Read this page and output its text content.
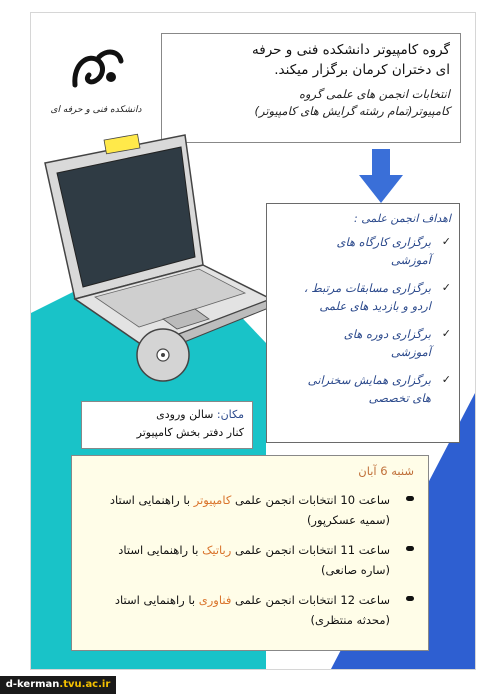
دانشکده فنی و حرفه ای
گروه کامپیوتر دانشکده فنی و حرفه
ای دختران کرمان برگزار میکند.
انتخابات انجمن های علمی گروه
کامپیوتر(تمام رشته گرایش های کامپیوتر)
اهداف انجمن علمی :
✓
برگزاری کارگاه های
آموزشی
✓
برگزاری مسابقات مرتبط ،
اردو و بازدید های علمی
✓
برگزاری دوره های
آموزشی
✓
برگزاری همایش سخنرانی
های تخصصی
مکان: سالن ورودی
کنار دفتر بخش کامپیوتر
شنبه 6 آبان
ساعت 10 انتخابات انجمن علمی کامپیوتر با راهنمایی استاد
(سمیه عسکرپور)
ساعت 11 انتخابات انجمن علمی رباتیک با راهنمایی استاد
(ساره صانعی)
ساعت 12 انتخابات انجمن علمی فناوری با راهنمایی استاد
(محدثه منتظری)
d-kerman.tvu.ac.ir
